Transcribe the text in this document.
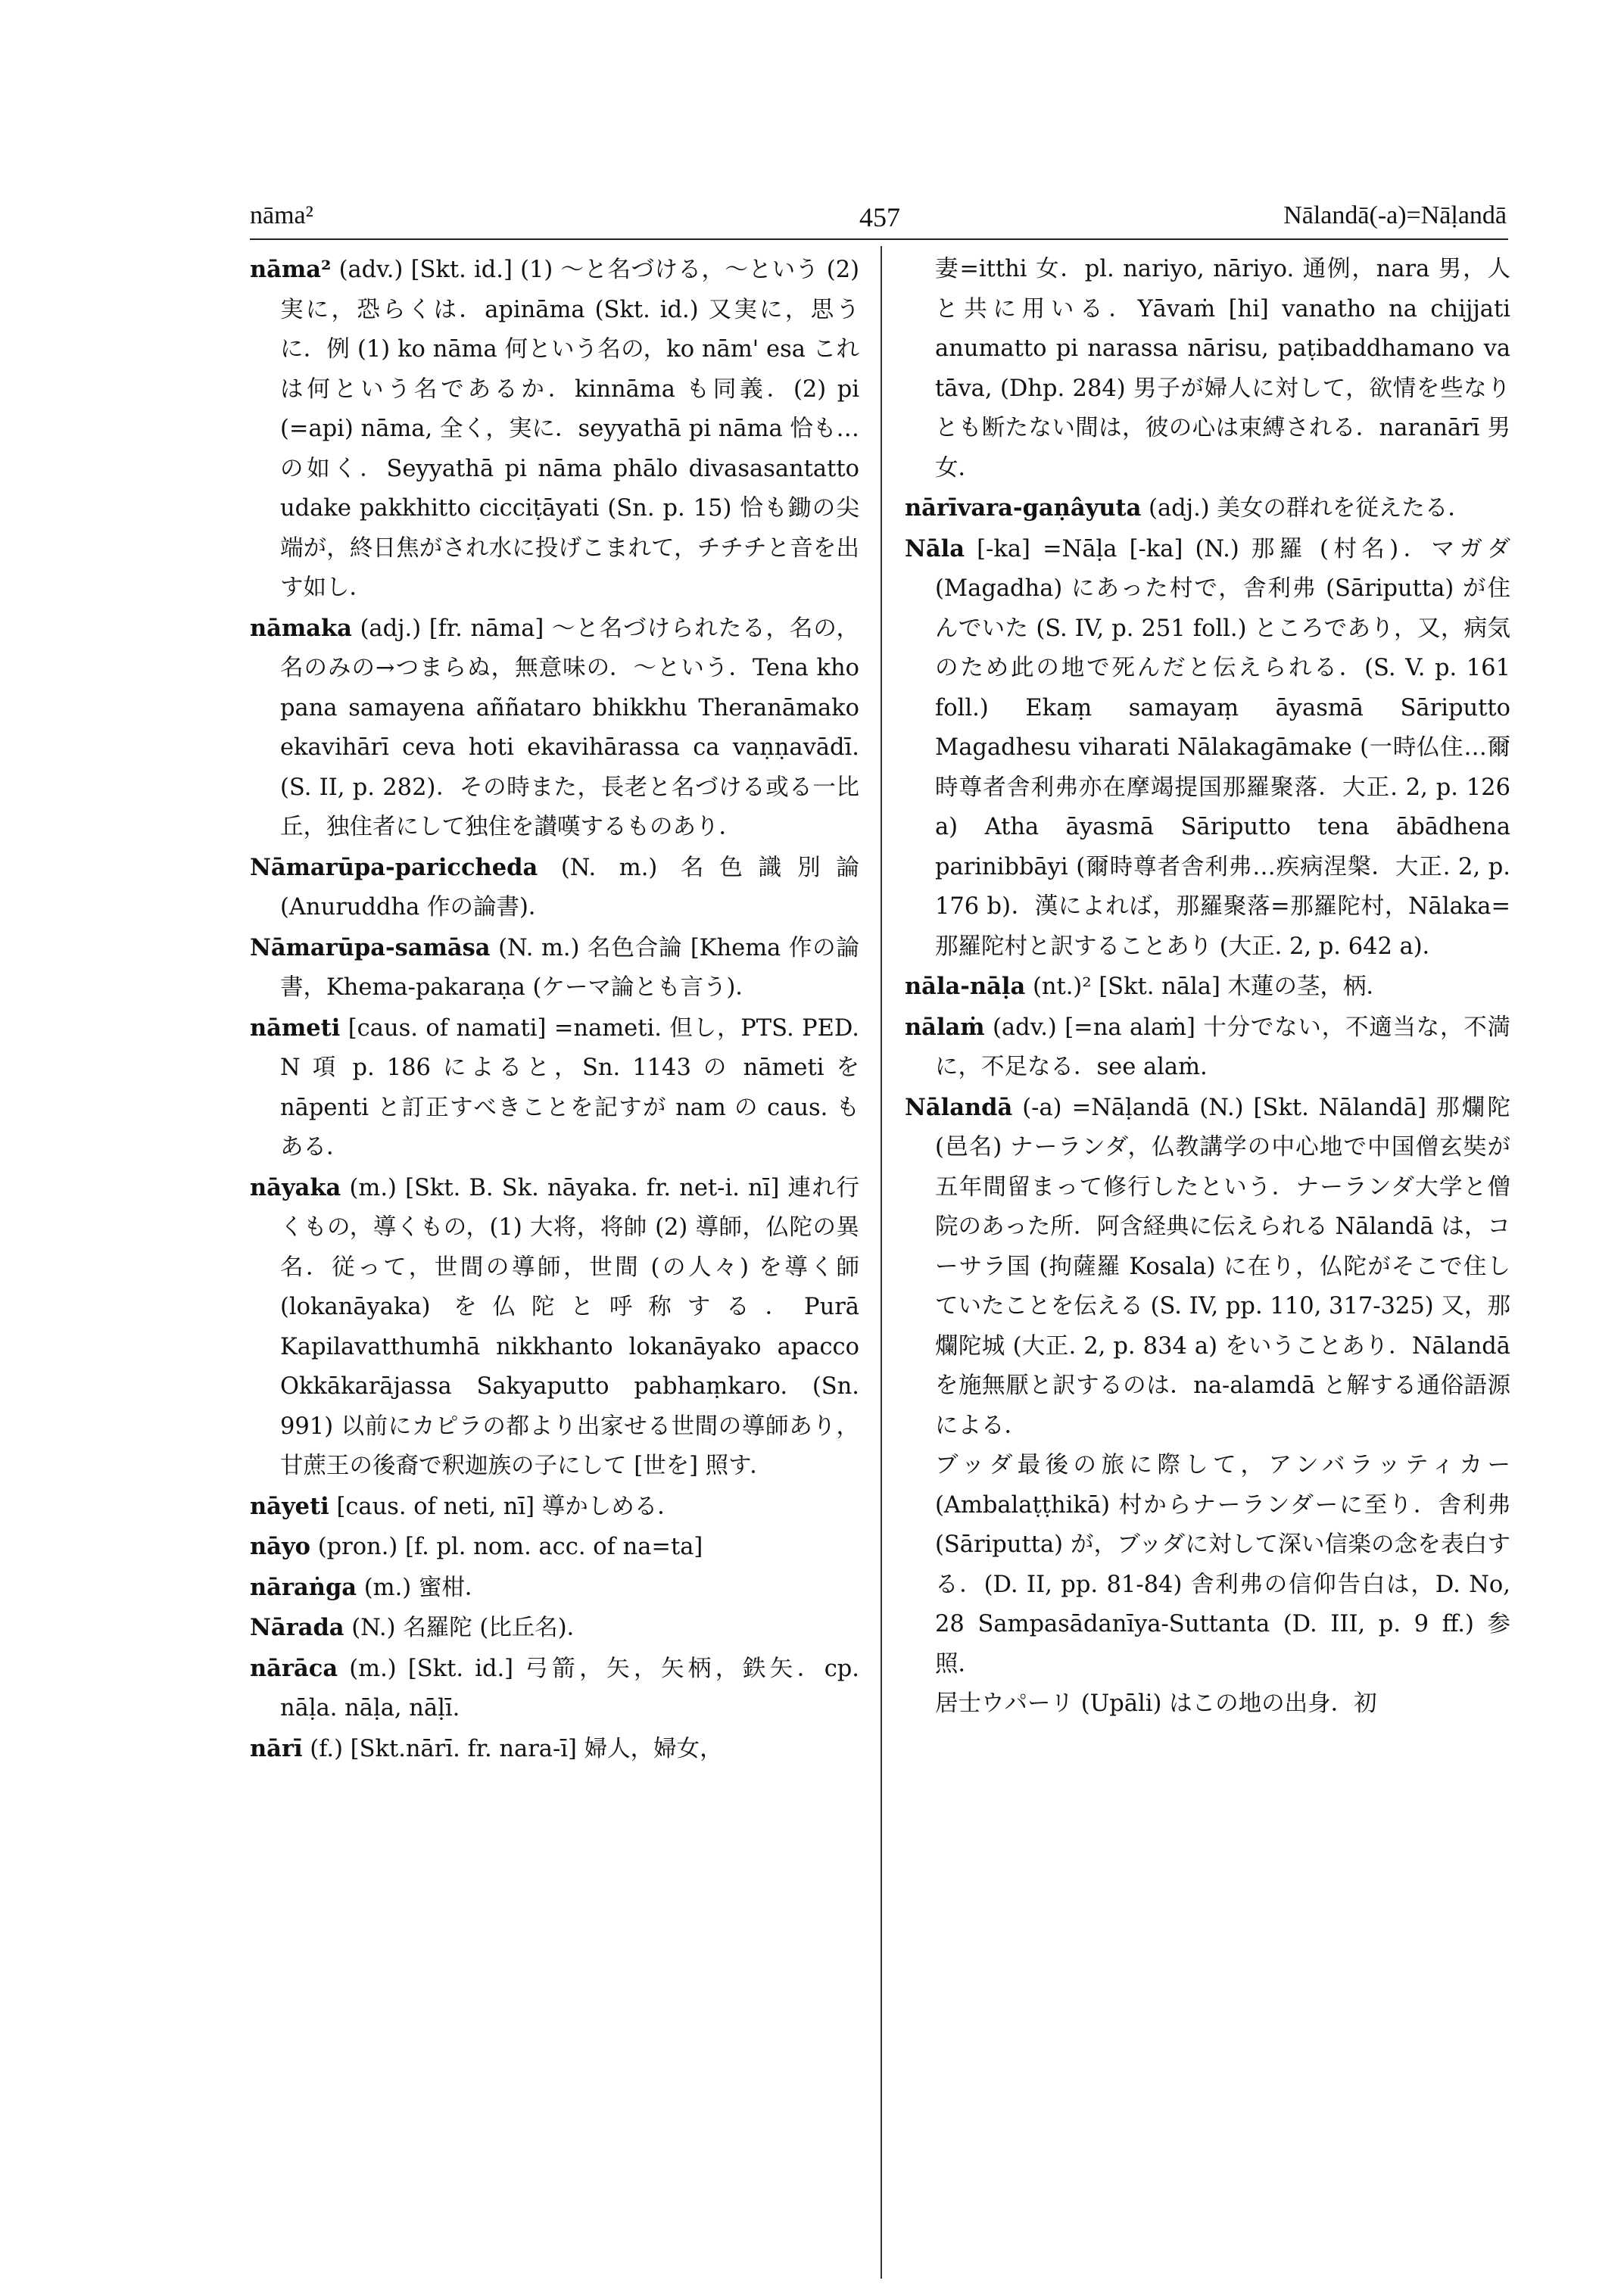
nāma²	457	Nālandā(-a)=Nāḷandā

nāma² (adv.) [Skt. id.] (1) ～と名づける，～という (2) 実に，恐らくは．apināma (Skt. id.) 又実に，思うに．例 (1) ko nāma 何という名の，ko nām' esa これは何という名であるか．kinnāma も同義．(2) pi (=api) nāma, 全く，実に．seyyathā pi nāma 恰も…の如く．Seyyathā pi nāma phālo divasasantatto udake pakkhitto cicciṭāyati (Sn. p. 15) 恰も鋤の尖端が，終日焦がされ水に投げこまれて，チチチと音を出す如し．

nāmaka (adj.) [fr. nāma] ～と名づけられたる，名の，名のみの→つまらぬ，無意味の．～という．Tena kho pana samayena aññataro bhikkhu Theranāmako ekavihārī ceva hoti ekavihārassa ca vaṇṇavādī. (S. II, p. 282)．その時また，長老と名づける或る一比丘，独住者にして独住を讃嘆するものあり．

Nāmarūpa-pariccheda (N. m.) 名色識別論 (Anuruddha 作の論書)．

Nāmarūpa-samāsa (N. m.) 名色合論 [Khema 作の論書，Khema-pakaraṇa (ケーマ論とも言う)．

nāmeti [caus. of namati] =nameti. 但し，PTS. PED. N 項 p. 186 によると，Sn. 1143 の nāmeti を nāpenti と訂正すべきことを記すが nam の caus. もある．

nāyaka (m.) [Skt. B. Sk. nāyaka. fr. net-i. nī] 連れ行くもの，導くもの，(1) 大将，将帥 (2) 導師，仏陀の異名．従って，世間の導師，世間 (の人々) を導く師 (lokanāyaka) を仏陀と呼称する．Purā Kapilavatthumhā nikkhanto lokanāyako apacco Okkākarājassa Sakyaputto pabhaṃkaro. (Sn. 991) 以前にカピラの都より出家せる世間の導師あり，甘蔗王の後裔で釈迦族の子にして [世を] 照す．

nāyeti [caus. of neti, nī] 導かしめる．

nāyo (pron.) [f. pl. nom. acc. of na=ta]

nāraṅga (m.) 蜜柑．

Nārada (N.) 名羅陀 (比丘名)．

nārāca (m.) [Skt. id.] 弓箭，矢，矢柄，鉄矢．cp. nāḷa. nāḷa, nāḷī.

nārī (f.) [Skt.nārī. fr. nara-ī] 婦人，婦女，

妻=itthi 女．pl. nariyo, nāriyo. 通例，nara 男，人と共に用いる．Yāvaṁ [hi] vanatho na chijjati anumatto pi narassa nārisu, paṭibaddhamano va tāva, (Dhp. 284) 男子が婦人に対して，欲情を些なりとも断たない間は，彼の心は束縛される．naranārī 男女．

nārīvara-gaṇâyuta (adj.) 美女の群れを従えたる．

Nāla [-ka] =Nāḷa [-ka] (N.) 那羅 (村名)．マガダ (Magadha) にあった村で，舎利弗 (Sāriputta) が住んでいた (S. IV, p. 251 foll.) ところであり，又，病気のため此の地で死んだと伝えられる．(S. V. p. 161 foll.) Ekaṃ samayaṃ āyasmā Sāriputto Magadhesu viharati Nālakagāmake (一時仏住…爾時尊者舎利弗亦在摩竭提国那羅聚落．大正. 2, p. 126 a) Atha āyasmā Sāriputto tena ābādhena parinibbāyi (爾時尊者舎利弗…疾病涅槃．大正. 2, p. 176 b)．漢によれば，那羅聚落=那羅陀村，Nālaka=那羅陀村と訳することあり (大正. 2, p. 642 a)．

nāla-nāḷa (nt.)² [Skt. nāla] 木蓮の茎，柄．

nālaṁ (adv.) [=na alaṁ] 十分でない，不適当な，不満に，不足なる．see alaṁ.

Nālandā (-a) =Nāḷandā (N.) [Skt. Nālandā] 那爛陀 (邑名) ナーランダ，仏教講学の中心地で中国僧玄奘が五年間留まって修行したという．ナーランダ大学と僧院のあった所．阿含経典に伝えられる Nālandā は，コーサラ国 (拘薩羅 Kosala) に在り，仏陀がそこで住していたことを伝える (S. IV, pp. 110, 317-325) 又，那爛陀城 (大正. 2, p. 834 a) をいうことあり．Nālandā を施無厭と訳するのは．na-alamdā と解する通俗語源による．

ブッダ最後の旅に際して，アンバラッティカー (Ambalaṭṭhikā) 村からナーランダーに至り．舎利弗 (Sāriputta) が，ブッダに対して深い信楽の念を表白する．(D. II, pp. 81-84) 舎利弗の信仰告白は，D. No, 28 Sampasādanīya-Suttanta (D. III, p. 9 ff.) 参照．

居士ウパーリ (Upāli) はこの地の出身．初
